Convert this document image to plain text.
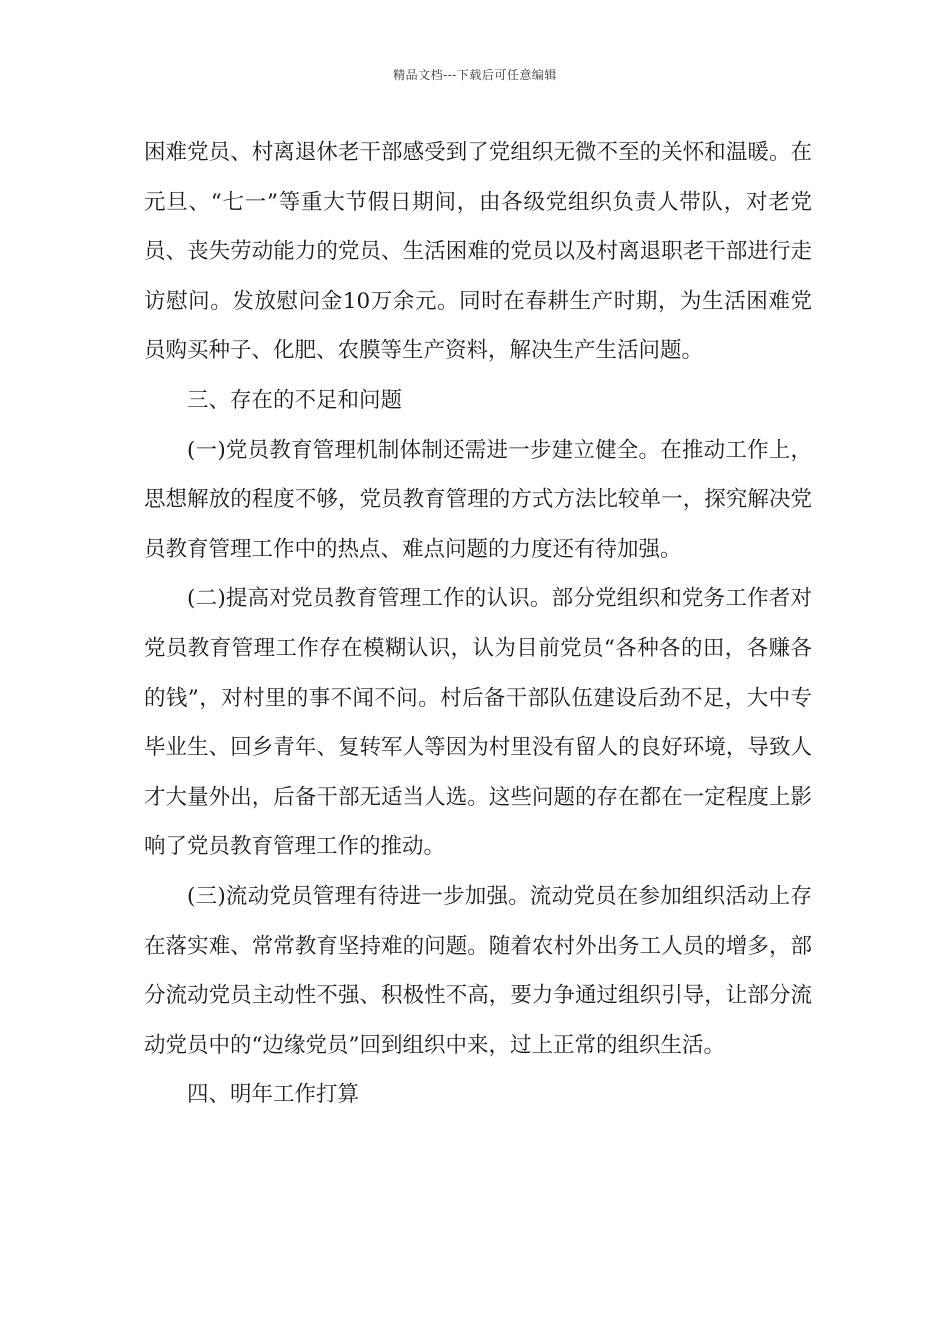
精品文档---下载后可任意编辑

困难党员、村离退休老干部感受到了党组织无微不至的关怀和温暖。在元旦、“七一”等重大节假日期间，由各级党组织负责人带队，对老党员、丧失劳动能力的党员、生活困难的党员以及村离退职老干部进行走访慰问。发放慰问金10万余元。同时在春耕生产时期，为生活困难党员购买种子、化肥、农膜等生产资料，解决生产生活问题。

三、存在的不足和问题

(一)党员教育管理机制体制还需进一步建立健全。在推动工作上，思想解放的程度不够，党员教育管理的方式方法比较单一，探究解决党员教育管理工作中的热点、难点问题的力度还有待加强。

(二)提高对党员教育管理工作的认识。部分党组织和党务工作者对党员教育管理工作存在模糊认识，认为目前党员“各种各的田，各赚各的钱”，对村里的事不闻不问。村后备干部队伍建设后劲不足，大中专毕业生、回乡青年、复转军人等因为村里没有留人的良好环境，导致人才大量外出，后备干部无适当人选。这些问题的存在都在一定程度上影响了党员教育管理工作的推动。

(三)流动党员管理有待进一步加强。流动党员在参加组织活动上存在落实难、常常教育坚持难的问题。随着农村外出务工人员的增多，部分流动党员主动性不强、积极性不高，要力争通过组织引导，让部分流动党员中的“边缘党员”回到组织中来，过上正常的组织生活。

四、明年工作打算
